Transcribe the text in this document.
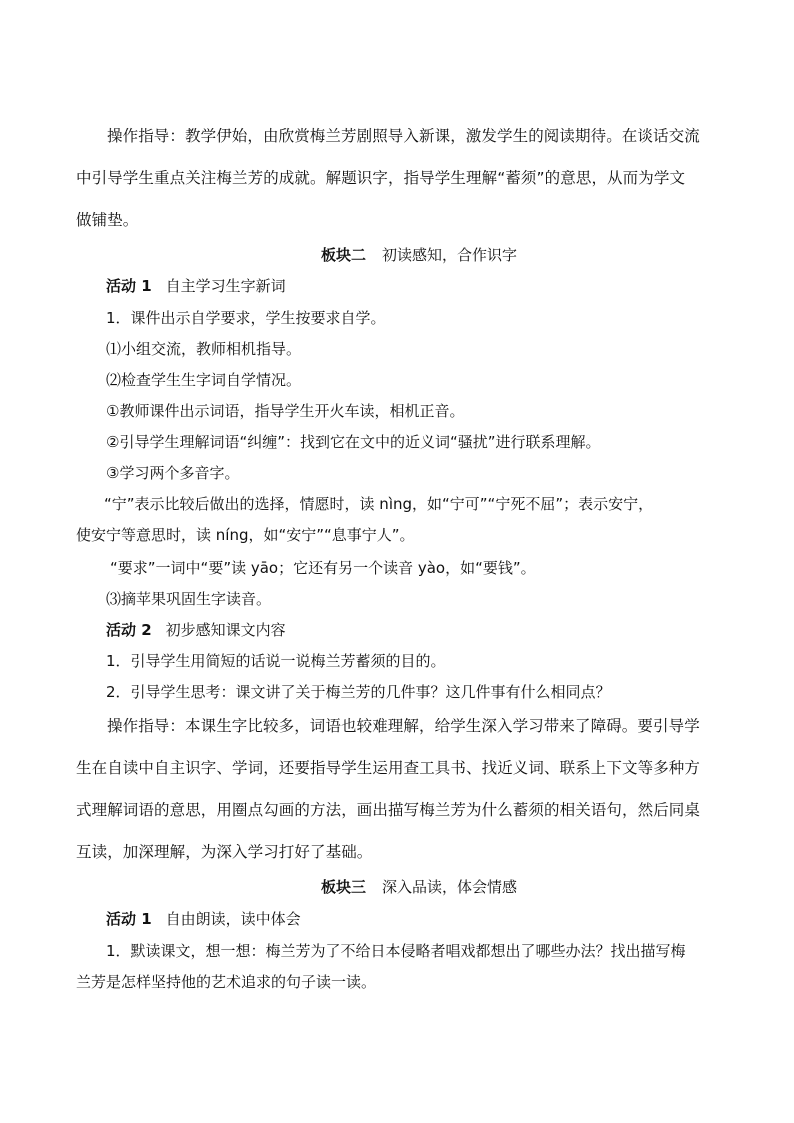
操作指导：教学伊始，由欣赏梅兰芳剧照导入新课，激发学生的阅读期待。在谈话交流
中引导学生重点关注梅兰芳的成就。解题识字，指导学生理解“蓄须”的意思，从而为学文
做铺垫。
板块二 初读感知，合作识字
活动 1 自主学习生字新词
1．课件出示自学要求，学生按要求自学。
⑴小组交流，教师相机指导。
⑵检查学生生字词自学情况。
①教师课件出示词语，指导学生开火车读，相机正音。
②引导学生理解词语“纠缠”：找到它在文中的近义词“骚扰”进行联系理解。
③学习两个多音字。
“宁”表示比较后做出的选择，情愿时，读 nìng，如“宁可”“宁死不屈”；表示安宁，
使安宁等意思时，读 níng，如“安宁”“息事宁人”。
“要求”一词中“要”读 yāo；它还有另一个读音 yào，如“要钱”。
⑶摘苹果巩固生字读音。
活动 2 初步感知课文内容
1．引导学生用简短的话说一说梅兰芳蓄须的目的。
2．引导学生思考：课文讲了关于梅兰芳的几件事？这几件事有什么相同点？
操作指导：本课生字比较多，词语也较难理解，给学生深入学习带来了障碍。要引导学
生在自读中自主识字、学词，还要指导学生运用查工具书、找近义词、联系上下文等多种方
式理解词语的意思，用圈点勾画的方法，画出描写梅兰芳为什么蓄须的相关语句，然后同桌
互读，加深理解，为深入学习打好了基础。
板块三 深入品读，体会情感
活动 1 自由朗读，读中体会
1．默读课文，想一想：梅兰芳为了不给日本侵略者唱戏都想出了哪些办法？找出描写梅
兰芳是怎样坚持他的艺术追求的句子读一读。
